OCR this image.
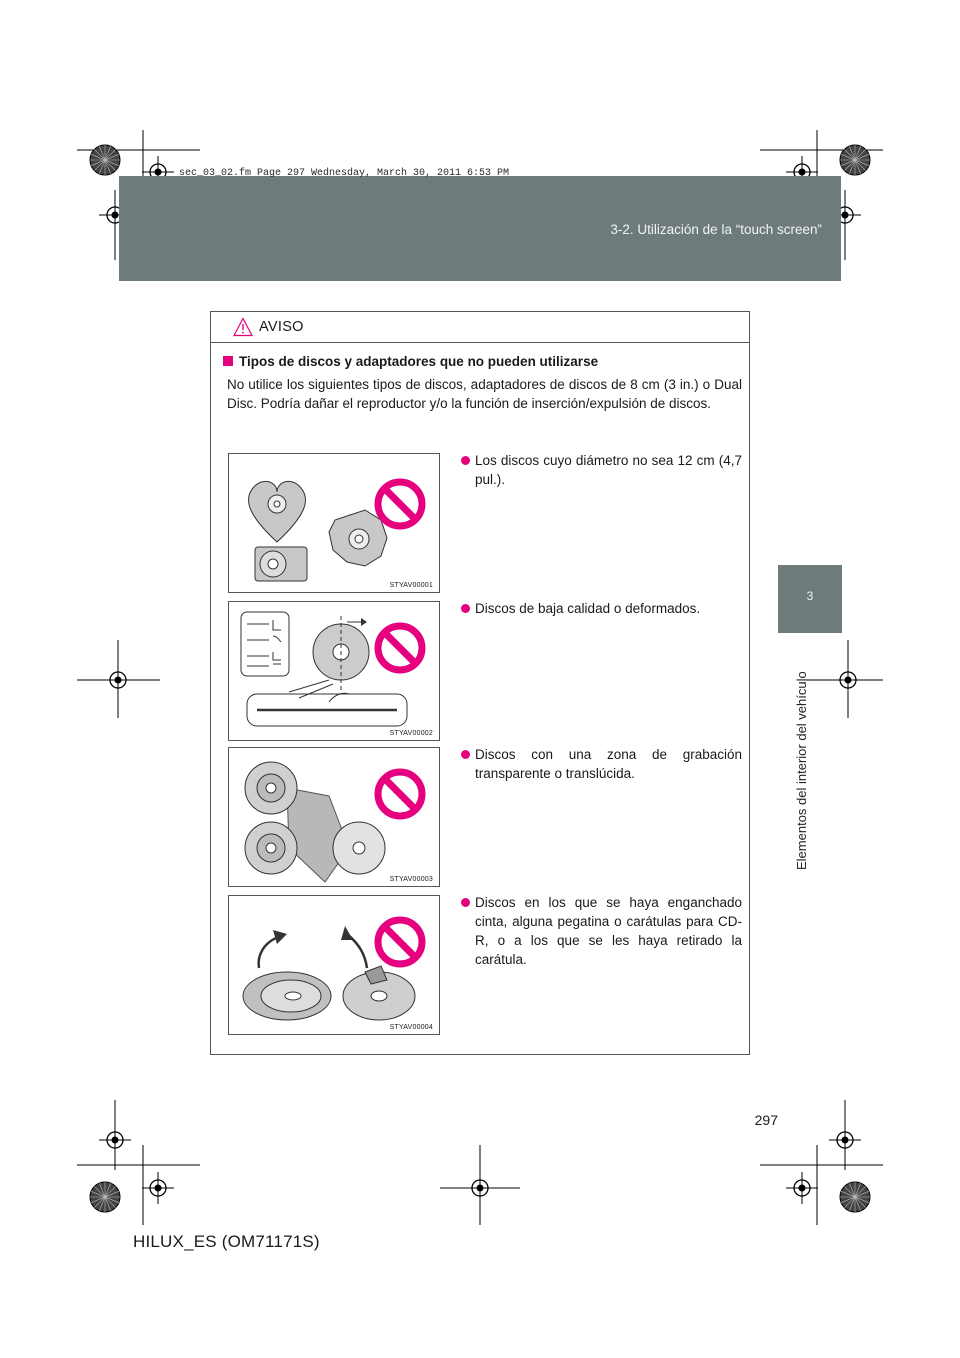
sec_03_02.fm Page 297 Wednesday, March 30, 2011 6:53 PM
3-2. Utilización de la “touch screen”
3
Elementos del interior del vehículo
AVISO
Tipos de discos y adaptadores que no pueden utilizarse
No utilice los siguientes tipos de discos, adaptadores de discos de 8 cm (3 in.) o Dual Disc. Podría dañar el reproductor y/o la función de inserción/expulsión de discos.
STYAV00001
Los discos cuyo diámetro no sea 12 cm (4,7 pul.).
STYAV00002
Discos de baja calidad o deformados.
STYAV00003
Discos con una zona de grabación transparente o translúcida.
STYAV00004
Discos en los que se haya enganchado cinta, alguna pegatina o carátulas para CD-R, o a los que se les haya retirado la carátula.
297
HILUX_ES (OM71171S)
